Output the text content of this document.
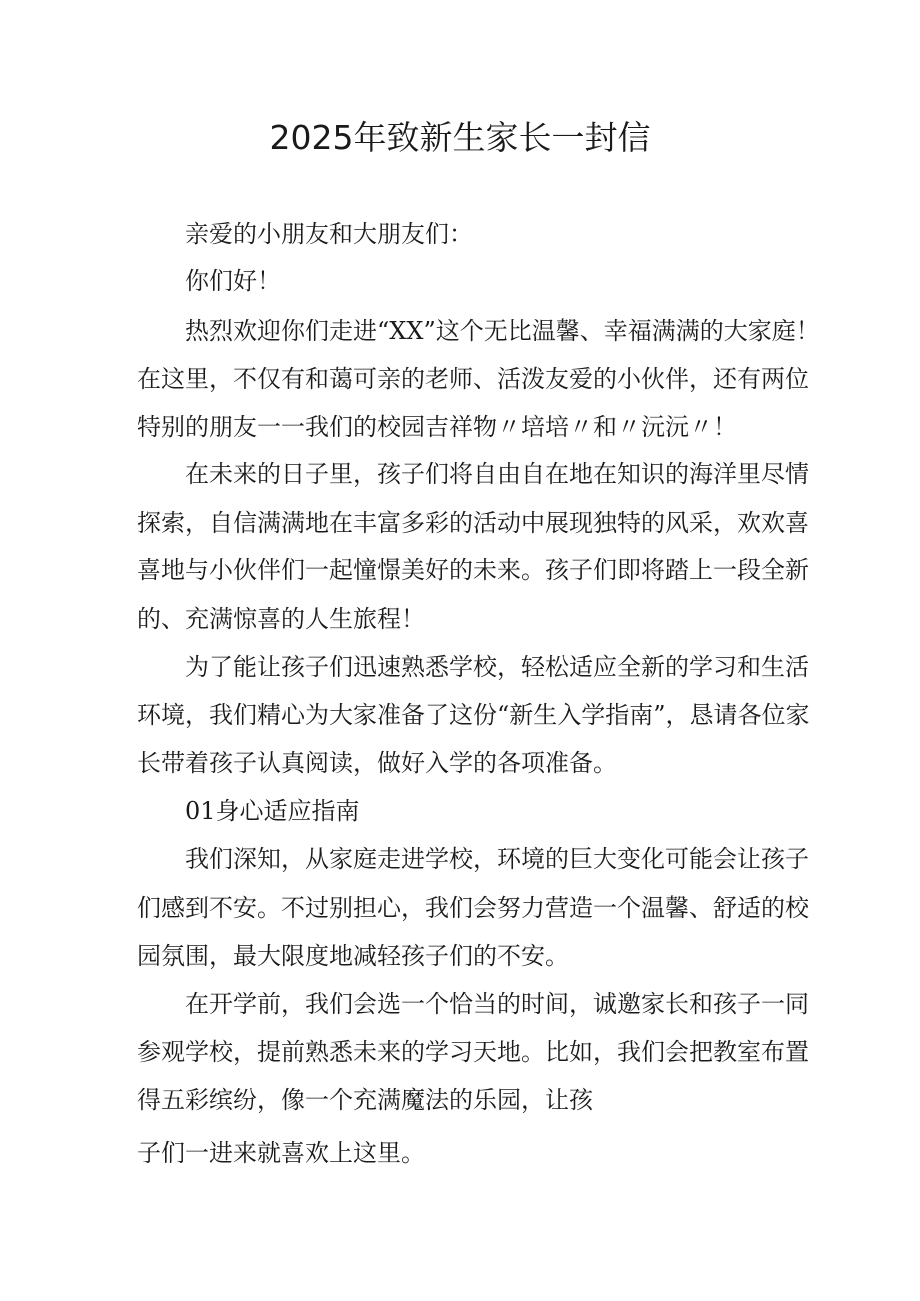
2025年致新生家长一封信
亲爱的小朋友和大朋友们：
你们好！
热烈欢迎你们走进“XX”这个无比温馨、幸福满满的大家庭！
在这里，不仅有和蔼可亲的老师、活泼友爱的小伙伴，还有两位
特别的朋友一一我们的校园吉祥物〃培培〃和〃沅沅〃！
在未来的日子里，孩子们将自由自在地在知识的海洋里尽情
探索，自信满满地在丰富多彩的活动中展现独特的风采，欢欢喜
喜地与小伙伴们一起憧憬美好的未来。孩子们即将踏上一段全新
的、充满惊喜的人生旅程！
为了能让孩子们迅速熟悉学校，轻松适应全新的学习和生活
环境，我们精心为大家准备了这份“新生入学指南”，恳请各位家
长带着孩子认真阅读，做好入学的各项准备。
01身心适应指南
我们深知，从家庭走进学校，环境的巨大变化可能会让孩子
们感到不安。不过别担心，我们会努力营造一个温馨、舒适的校
园氛围，最大限度地减轻孩子们的不安。
在开学前，我们会选一个恰当的时间，诚邀家长和孩子一同
参观学校，提前熟悉未来的学习天地。比如，我们会把教室布置
得五彩缤纷，像一个充满魔法的乐园，让孩
子们一进来就喜欢上这里。
